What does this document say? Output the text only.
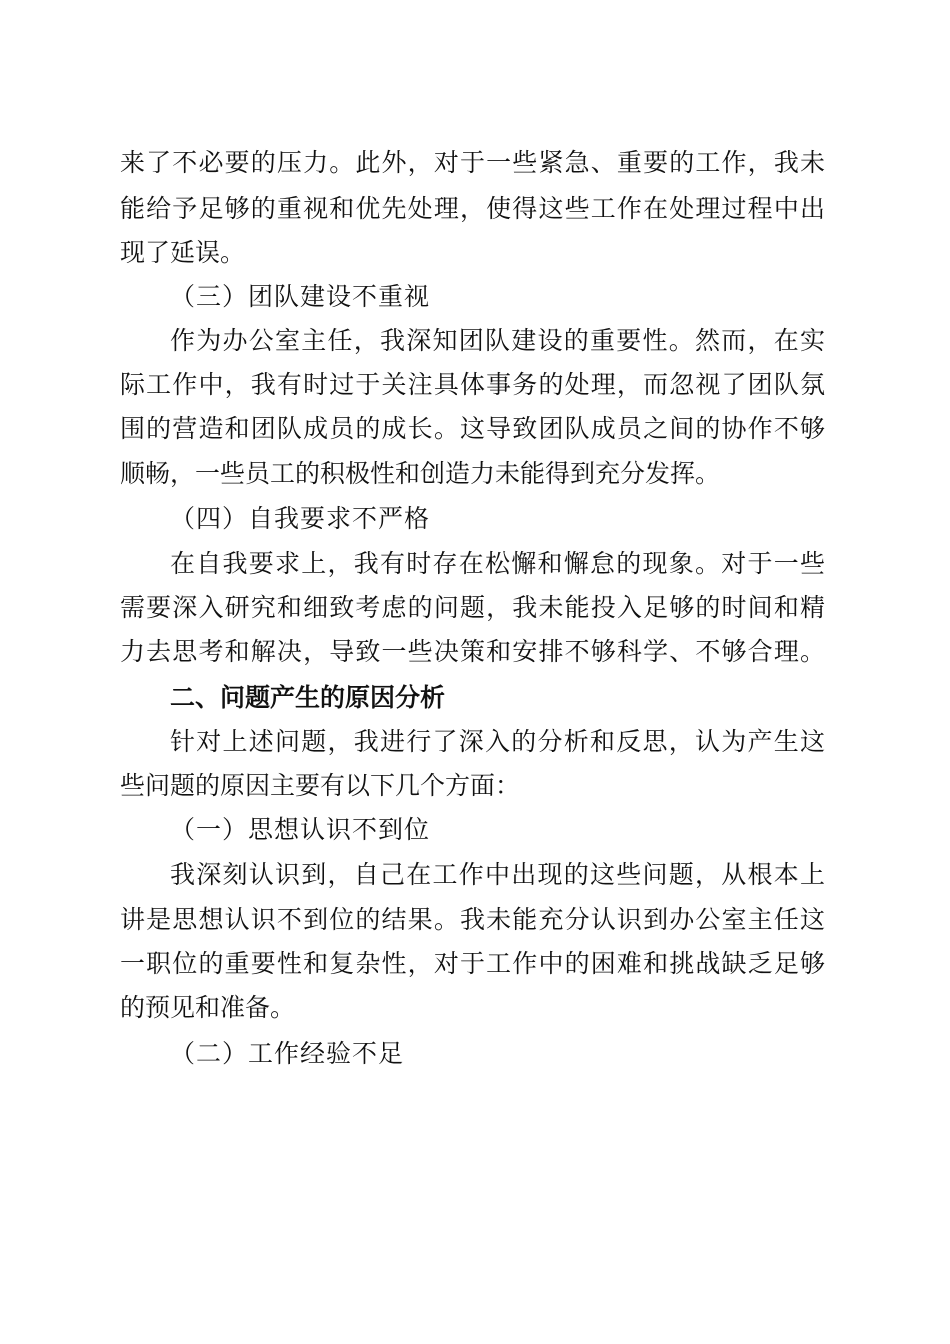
来了不必要的压力。此外，对于一些紧急、重要的工作，我未
能给予足够的重视和优先处理，使得这些工作在处理过程中出
现了延误。
（三）团队建设不重视
作为办公室主任，我深知团队建设的重要性。然而，在实
际工作中，我有时过于关注具体事务的处理，而忽视了团队氛
围的营造和团队成员的成长。这导致团队成员之间的协作不够
顺畅，一些员工的积极性和创造力未能得到充分发挥。
（四）自我要求不严格
在自我要求上，我有时存在松懈和懈怠的现象。对于一些
需要深入研究和细致考虑的问题，我未能投入足够的时间和精
力去思考和解决，导致一些决策和安排不够科学、不够合理。
二、问题产生的原因分析
针对上述问题，我进行了深入的分析和反思，认为产生这
些问题的原因主要有以下几个方面：
（一）思想认识不到位
我深刻认识到，自己在工作中出现的这些问题，从根本上
讲是思想认识不到位的结果。我未能充分认识到办公室主任这
一职位的重要性和复杂性，对于工作中的困难和挑战缺乏足够
的预见和准备。
（二）工作经验不足
